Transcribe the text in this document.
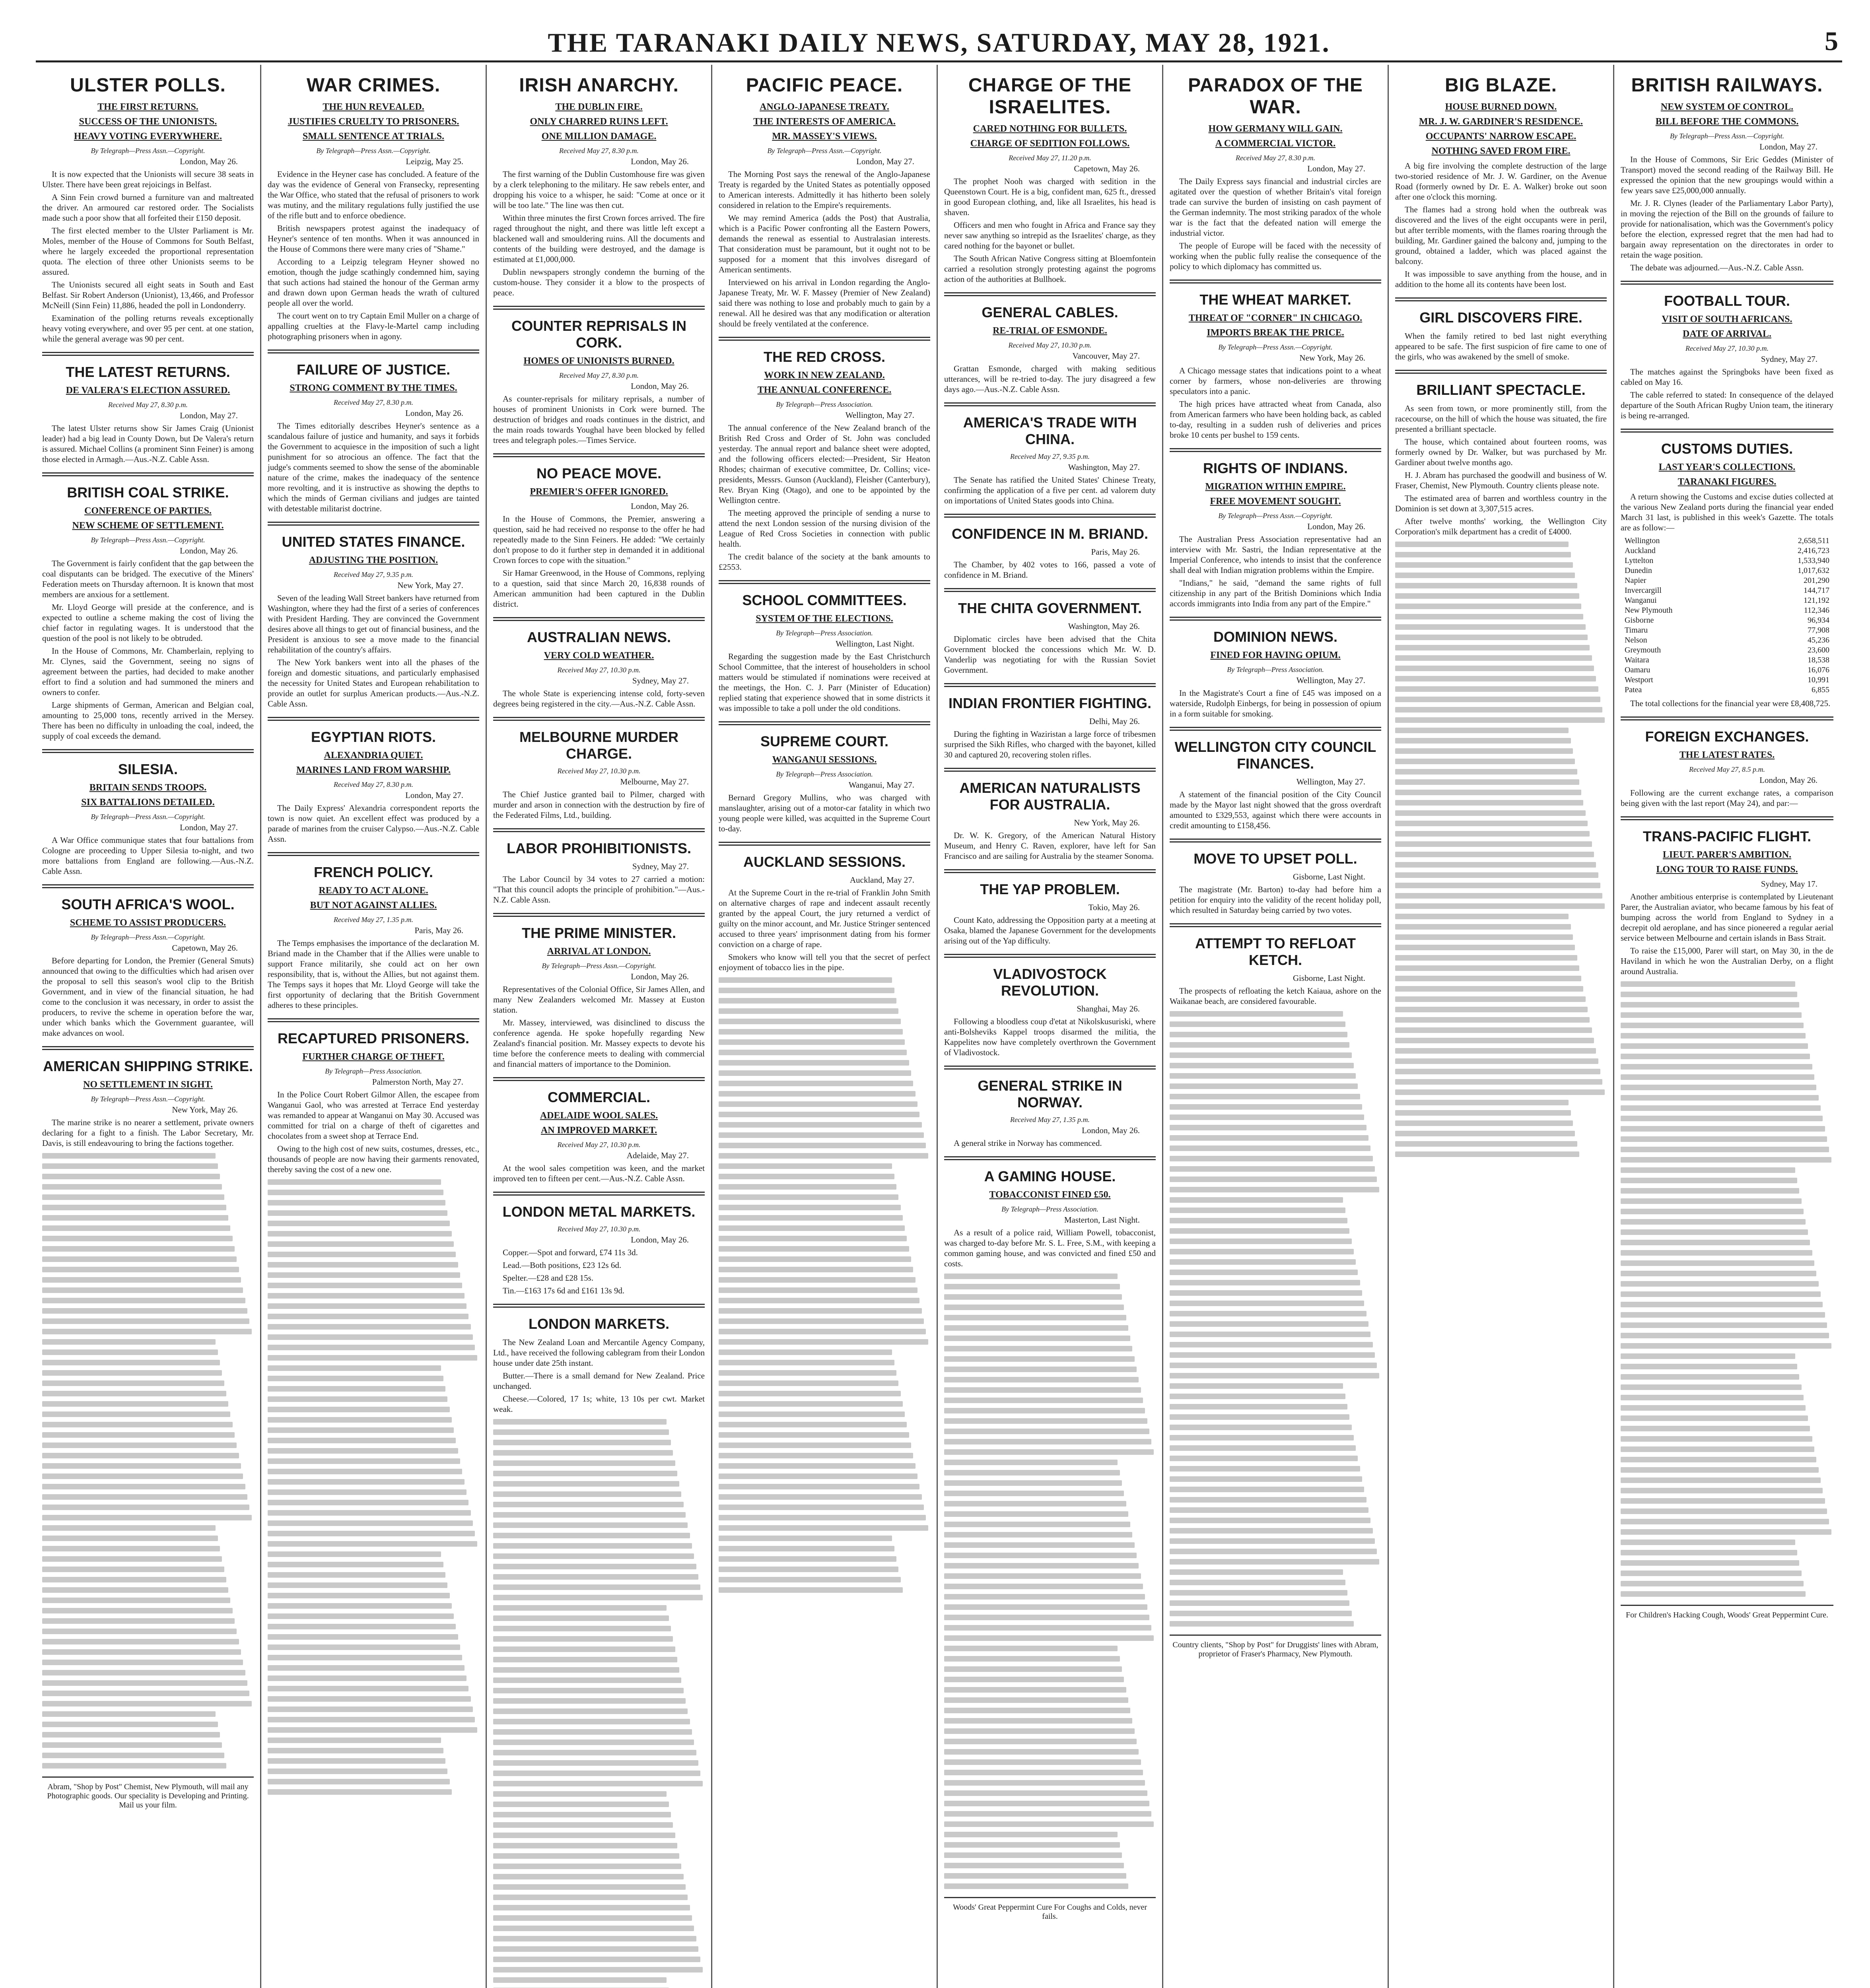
THE TARANAKI DAILY NEWS, SATURDAY, MAY 28, 1921.	5
ULSTER POLLS.
THE FIRST RETURNS.
SUCCESS OF THE UNIONISTS.
HEAVY VOTING EVERYWHERE.
By Telegraph—Press Assn.—Copyright.
London, May 26.

It is now expected that the Unionists will secure 38 seats in Ulster. There have been great rejoicings in Belfast.

A Sinn Fein crowd burned a furniture van and maltreated the driver. An armoured car restored order. The Socialists made such a poor show that all forfeited their £150 deposit.

The first elected member to the Ulster Parliament is Mr. Moles, member of the House of Commons for South Belfast, where he largely exceeded the proportional representation quota. The election of three other Unionists seems to be assured.

The Unionists secured all eight seats in South and East Belfast. Sir Robert Anderson (Unionist), 13,466, and Professor McNeill (Sinn Fein) 11,886, headed the poll in Londonderry.

Examination of the polling returns reveals exceptionally heavy voting everywhere, and over 95 per cent. at one station, while the general average was 90 per cent.

THE LATEST RETURNS.
DE VALERA'S ELECTION ASSURED.
Received May 27, 8.30 p.m.
London, May 27.

The latest Ulster returns show Sir James Craig (Unionist leader) had a big lead in County Down, but De Valera's return is assured. Michael Collins (a prominent Sinn Feiner) is among those elected in Armagh.—Aus.-N.Z. Cable Assn.

BRITISH COAL STRIKE.
CONFERENCE OF PARTIES.
NEW SCHEME OF SETTLEMENT.
By Telegraph—Press Assn.—Copyright.
London, May 26.

The Government is fairly confident that the gap between the coal disputants can be bridged. The executive of the Miners' Federation meets on Thursday afternoon. It is known that most members are anxious for a settlement.

Mr. Lloyd George will preside at the conference, and is expected to outline a scheme making the cost of living the chief factor in regulating wages. It is understood that the question of the pool is not likely to be obtruded.

In the House of Commons, Mr. Chamberlain, replying to Mr. Clynes, said the Government, seeing no signs of agreement between the parties, had decided to make another effort to find a solution and had summoned the miners and owners to confer.

Large shipments of German, American and Belgian coal, amounting to 25,000 tons, recently arrived in the Mersey. There has been no difficulty in unloading the coal, indeed, the supply of coal exceeds the demand.

SILESIA.
BRITAIN SENDS TROOPS.
SIX BATTALIONS DETAILED.
By Telegraph—Press Assn.—Copyright.
London, May 27.

A War Office communique states that four battalions from Cologne are proceeding to Upper Silesia to-night, and two more battalions from England are following.—Aus.-N.Z. Cable Assn.

SOUTH AFRICA'S WOOL.
SCHEME TO ASSIST PRODUCERS.
By Telegraph—Press Assn.—Copyright.
Capetown, May 26.

Before departing for London, the Premier (General Smuts) announced that owing to the difficulties which had arisen over the proposal to sell this season's wool clip to the British Government, and in view of the financial situation, he had come to the conclusion it was necessary, in order to assist the producers, to revive the scheme in operation before the war, under which banks which the Government guarantee, will make advances on wool.

AMERICAN SHIPPING STRIKE.
NO SETTLEMENT IN SIGHT.
By Telegraph—Press Assn.—Copyright.
New York, May 26.

The marine strike is no nearer a settlement, private owners declaring for a fight to a finish. The Labor Secretary, Mr. Davis, is still endeavouring to bring the factions together.

Abram, "Shop by Post" Chemist, New Plymouth, will mail any Photographic goods. Our speciality is Developing and Printing. Mail us your film.
WAR CRIMES.
THE HUN REVEALED.
JUSTIFIES CRUELTY TO PRISONERS.
SMALL SENTENCE AT TRIALS.
By Telegraph—Press Assn.—Copyright.
Leipzig, May 25.

Evidence in the Heyner case has concluded. A feature of the day was the evidence of General von Fransecky, representing the War Office, who stated that the refusal of prisoners to work was mutiny, and the military regulations fully justified the use of the rifle butt and to enforce obedience.

British newspapers protest against the inadequacy of Heyner's sentence of ten months. When it was announced in the House of Commons there were many cries of "Shame."

According to a Leipzig telegram Heyner showed no emotion, though the judge scathingly condemned him, saying that such actions had stained the honour of the German army and drawn down upon German heads the wrath of cultured people all over the world.

The court went on to try Captain Emil Muller on a charge of appalling cruelties at the Flavy-le-Martel camp including photographing prisoners when in agony.

FAILURE OF JUSTICE.
STRONG COMMENT BY THE TIMES.
Received May 27, 8.30 p.m.
London, May 26.

The Times editorially describes Heyner's sentence as a scandalous failure of justice and humanity, and says it forbids the Government to acquiesce in the imposition of such a light punishment for so atrocious an offence. The fact that the judge's comments seemed to show the sense of the abominable nature of the crime, makes the inadequacy of the sentence more revolting, and it is instructive as showing the depths to which the minds of German civilians and judges are tainted with detestable militarist doctrine.

UNITED STATES FINANCE.
ADJUSTING THE POSITION.
Received May 27, 9.35 p.m.
New York, May 27.

Seven of the leading Wall Street bankers have returned from Washington, where they had the first of a series of conferences with President Harding. They are convinced the Government desires above all things to get out of financial business, and the President is anxious to see a move made to the financial rehabilitation of the country's affairs.

The New York bankers went into all the phases of the foreign and domestic situations, and particularly emphasised the necessity for United States and European rehabilitation to provide an outlet for surplus American products.—Aus.-N.Z. Cable Assn.

EGYPTIAN RIOTS.
ALEXANDRIA QUIET.
MARINES LAND FROM WARSHIP.
Received May 27, 8.30 p.m.
London, May 27.

The Daily Express' Alexandria correspondent reports the town is now quiet. An excellent effect was produced by a parade of marines from the cruiser Calypso.—Aus.-N.Z. Cable Assn.

FRENCH POLICY.
READY TO ACT ALONE.
BUT NOT AGAINST ALLIES.
Received May 27, 1.35 p.m.
Paris, May 26.

The Temps emphasises the importance of the declaration M. Briand made in the Chamber that if the Allies were unable to support France militarily, she could act on her own responsibility, that is, without the Allies, but not against them. The Temps says it hopes that Mr. Lloyd George will take the first opportunity of declaring that the British Government adheres to these principles.

RECAPTURED PRISONERS.
FURTHER CHARGE OF THEFT.
By Telegraph—Press Association.
Palmerston North, May 27.

In the Police Court Robert Gilmor Allen, the escapee from Wanganui Gaol, who was arrested at Terrace End yesterday was remanded to appear at Wanganui on May 30. Accused was committed for trial on a charge of theft of cigarettes and chocolates from a sweet shop at Terrace End.

Owing to the high cost of new suits, costumes, dresses, etc., thousands of people are now having their garments renovated, thereby saving the cost of a new one.

IRISH ANARCHY.
THE DUBLIN FIRE.
ONLY CHARRED RUINS LEFT.
ONE MILLION DAMAGE.
Received May 27, 8.30 p.m.
London, May 26.

The first warning of the Dublin Customhouse fire was given by a clerk telephoning to the military. He saw rebels enter, and dropping his voice to a whisper, he said: "Come at once or it will be too late." The line was then cut.

Within three minutes the first Crown forces arrived. The fire raged throughout the night, and there was little left except a blackened wall and smouldering ruins. All the documents and contents of the building were destroyed, and the damage is estimated at £1,000,000.

Dublin newspapers strongly condemn the burning of the custom-house. They consider it a blow to the prospects of peace.

COUNTER REPRISALS IN CORK.
HOMES OF UNIONISTS BURNED.
Received May 27, 8.30 p.m.
London, May 26.

As counter-reprisals for military reprisals, a number of houses of prominent Unionists in Cork were burned. The destruction of bridges and roads continues in the district, and the main roads towards Youghal have been blocked by felled trees and telegraph poles.—Times Service.

NO PEACE MOVE.
PREMIER'S OFFER IGNORED.
London, May 26.

In the House of Commons, the Premier, answering a question, said he had received no response to the offer he had repeatedly made to the Sinn Feiners. He added: "We certainly don't propose to do it further step in demanded it in additional Crown forces to cope with the situation."

Sir Hamar Greenwood, in the House of Commons, replying to a question, said that since March 20, 16,838 rounds of American ammunition had been captured in the Dublin district.

AUSTRALIAN NEWS.
VERY COLD WEATHER.
Received May 27, 10.30 p.m.
Sydney, May 27.

The whole State is experiencing intense cold, forty-seven degrees being registered in the city.—Aus.-N.Z. Cable Assn.

MELBOURNE MURDER CHARGE.
Received May 27, 10.30 p.m.
Melbourne, May 27.

The Chief Justice granted bail to Pilmer, charged with murder and arson in connection with the destruction by fire of the Federated Films, Ltd., building.

LABOR PROHIBITIONISTS.
Sydney, May 27.

The Labor Council by 34 votes to 27 carried a motion: "That this council adopts the principle of prohibition."—Aus.-N.Z. Cable Assn.

THE PRIME MINISTER.
ARRIVAL AT LONDON.
By Telegraph—Press Assn.—Copyright.
London, May 26.

Representatives of the Colonial Office, Sir James Allen, and many New Zealanders welcomed Mr. Massey at Euston station.

Mr. Massey, interviewed, was disinclined to discuss the conference agenda. He spoke hopefully regarding New Zealand's financial position. Mr. Massey expects to devote his time before the conference meets to dealing with commercial and financial matters of importance to the Dominion.

COMMERCIAL.
ADELAIDE WOOL SALES.
AN IMPROVED MARKET.
Received May 27, 10.30 p.m.
Adelaide, May 27.

At the wool sales competition was keen, and the market improved ten to fifteen per cent.—Aus.-N.Z. Cable Assn.

LONDON METAL MARKETS.
Received May 27, 10.30 p.m.
London, May 26.

Copper.—Spot and forward, £74 11s 3d.

Lead.—Both positions, £23 12s 6d.

Spelter.—£28 and £28 15s.

Tin.—£163 17s 6d and £161 13s 9d.

LONDON MARKETS.

The New Zealand Loan and Mercantile Agency Company, Ltd., have received the following cablegram from their London house under date 25th instant.

Butter.—There is a small demand for New Zealand. Price unchanged.

Cheese.—Colored, 17 1s; white, 13 10s per cwt. Market weak.

PACIFIC PEACE.
ANGLO-JAPANESE TREATY.
THE INTERESTS OF AMERICA.
MR. MASSEY'S VIEWS.
By Telegraph—Press Assn.—Copyright.
London, May 27.

The Morning Post says the renewal of the Anglo-Japanese Treaty is regarded by the United States as potentially opposed to American interests. Admittedly it has hitherto been solely considered in relation to the Empire's requirements.

We may remind America (adds the Post) that Australia, which is a Pacific Power confronting all the Eastern Powers, demands the renewal as essential to Australasian interests. That consideration must be paramount, but it ought not to be supposed for a moment that this involves disregard of American sentiments.

Interviewed on his arrival in London regarding the Anglo-Japanese Treaty, Mr. W. F. Massey (Premier of New Zealand) said there was nothing to lose and probably much to gain by a renewal. All he desired was that any modification or alteration should be freely ventilated at the conference.

THE RED CROSS.
WORK IN NEW ZEALAND.
THE ANNUAL CONFERENCE.
By Telegraph—Press Association.
Wellington, May 27.

The annual conference of the New Zealand branch of the British Red Cross and Order of St. John was concluded yesterday. The annual report and balance sheet were adopted, and the following officers elected:—President, Sir Heaton Rhodes; chairman of executive committee, Dr. Collins; vice-presidents, Messrs. Gunson (Auckland), Fleisher (Canterbury), Rev. Bryan King (Otago), and one to be appointed by the Wellington centre.

The meeting approved the principle of sending a nurse to attend the next London session of the nursing division of the League of Red Cross Societies in connection with public health.

The credit balance of the society at the bank amounts to £2553.

SCHOOL COMMITTEES.
SYSTEM OF THE ELECTIONS.
By Telegraph—Press Association.
Wellington, Last Night.

Regarding the suggestion made by the East Christchurch School Committee, that the interest of householders in school matters would be stimulated if nominations were received at the meetings, the Hon. C. J. Parr (Minister of Education) replied stating that experience showed that in some districts it was impossible to take a poll under the old conditions.

SUPREME COURT.
WANGANUI SESSIONS.
By Telegraph—Press Association.
Wanganui, May 27.

Bernard Gregory Mullins, who was charged with manslaughter, arising out of a motor-car fatality in which two young people were killed, was acquitted in the Supreme Court to-day.

AUCKLAND SESSIONS.
Auckland, May 27.

At the Supreme Court in the re-trial of Franklin John Smith on alternative charges of rape and indecent assault recently granted by the appeal Court, the jury returned a verdict of guilty on the minor account, and Mr. Justice Stringer sentenced accused to three years' imprisonment dating from his former conviction on a charge of rape.

Smokers who know will tell you that the secret of perfect enjoyment of tobacco lies in the pipe.

CHARGE OF THE ISRAELITES.
CARED NOTHING FOR BULLETS.
CHARGE OF SEDITION FOLLOWS.
Received May 27, 11.20 p.m.
Capetown, May 26.

The prophet Nooh was charged with sedition in the Queenstown Court. He is a big, confident man, 625 ft., dressed in good European clothing, and, like all Israelites, his head is shaven.

Officers and men who fought in Africa and France say they never saw anything so intrepid as the Israelites' charge, as they cared nothing for the bayonet or bullet.

The South African Native Congress sitting at Bloemfontein carried a resolution strongly protesting against the pogroms action of the authorities at Bullhoek.

GENERAL CABLES.
RE-TRIAL OF ESMONDE.
Received May 27, 10.30 p.m.
Vancouver, May 27.

Grattan Esmonde, charged with making seditious utterances, will be re-tried to-day. The jury disagreed a few days ago.—Aus.-N.Z. Cable Assn.

AMERICA'S TRADE WITH CHINA.
Received May 27, 9.35 p.m.
Washington, May 27.

The Senate has ratified the United States' Chinese Treaty, confirming the application of a five per cent. ad valorem duty on importations of United States goods into China.

CONFIDENCE IN M. BRIAND.
Paris, May 26.

The Chamber, by 402 votes to 166, passed a vote of confidence in M. Briand.

THE CHITA GOVERNMENT.
Washington, May 26.

Diplomatic circles have been advised that the Chita Government blocked the concessions which Mr. W. D. Vanderlip was negotiating for with the Russian Soviet Government.

INDIAN FRONTIER FIGHTING.
Delhi, May 26.

During the fighting in Waziristan a large force of tribesmen surprised the Sikh Rifles, who charged with the bayonet, killed 30 and captured 20, recovering stolen rifles.

AMERICAN NATURALISTS FOR AUSTRALIA.
New York, May 26.

Dr. W. K. Gregory, of the American Natural History Museum, and Henry C. Raven, explorer, have left for San Francisco and are sailing for Australia by the steamer Sonoma.

THE YAP PROBLEM.
Tokio, May 26.

Count Kato, addressing the Opposition party at a meeting at Osaka, blamed the Japanese Government for the developments arising out of the Yap difficulty.

VLADIVOSTOCK REVOLUTION.
Shanghai, May 26.

Following a bloodless coup d'etat at Nikolskusuriski, where anti-Bolsheviks Kappel troops disarmed the militia, the Kappelites now have completely overthrown the Government of Vladivostock.

GENERAL STRIKE IN NORWAY.
Received May 27, 1.35 p.m.
London, May 26.

A general strike in Norway has commenced.

A GAMING HOUSE.
TOBACCONIST FINED £50.
By Telegraph—Press Association.
Masterton, Last Night.

As a result of a police raid, William Powell, tobacconist, was charged to-day before Mr. S. L. Free, S.M., with keeping a common gaming house, and was convicted and fined £50 and costs.

Woods' Great Peppermint Cure For Coughs and Colds, never fails.
PARADOX OF THE WAR.
HOW GERMANY WILL GAIN.
A COMMERCIAL VICTOR.
Received May 27, 8.30 p.m.
London, May 27.

The Daily Express says financial and industrial circles are agitated over the question of whether Britain's vital foreign trade can survive the burden of insisting on cash payment of the German indemnity. The most striking paradox of the whole war is the fact that the defeated nation will emerge the industrial victor.

The people of Europe will be faced with the necessity of working when the public fully realise the consequence of the policy to which diplomacy has committed us.

THE WHEAT MARKET.
THREAT OF "CORNER" IN CHICAGO.
IMPORTS BREAK THE PRICE.
By Telegraph—Press Assn.—Copyright.
New York, May 26.

A Chicago message states that indications point to a wheat corner by farmers, whose non-deliveries are throwing speculators into a panic.

The high prices have attracted wheat from Canada, also from American farmers who have been holding back, as cabled to-day, resulting in a sudden rush of deliveries and prices broke 10 cents per bushel to 159 cents.

RIGHTS OF INDIANS.
MIGRATION WITHIN EMPIRE.
FREE MOVEMENT SOUGHT.
By Telegraph—Press Assn.—Copyright.
London, May 26.

The Australian Press Association representative had an interview with Mr. Sastri, the Indian representative at the Imperial Conference, who intends to insist that the conference shall deal with Indian migration problems within the Empire.

"Indians," he said, "demand the same rights of full citizenship in any part of the British Dominions which India accords immigrants into India from any part of the Empire."

DOMINION NEWS.
FINED FOR HAVING OPIUM.
By Telegraph—Press Association.
Wellington, May 27.

In the Magistrate's Court a fine of £45 was imposed on a waterside, Rudolph Einbergs, for being in possession of opium in a form suitable for smoking.

WELLINGTON CITY COUNCIL FINANCES.
Wellington, May 27.

A statement of the financial position of the City Council made by the Mayor last night showed that the gross overdraft amounted to £329,553, against which there were accounts in credit amounting to £158,456.

MOVE TO UPSET POLL.
Gisborne, Last Night.

The magistrate (Mr. Barton) to-day had before him a petition for enquiry into the validity of the recent holiday poll, which resulted in Saturday being carried by two votes.

ATTEMPT TO REFLOAT KETCH.
Gisborne, Last Night.

The prospects of refloating the ketch Kaiaua, ashore on the Waikanae beach, are considered favourable.

Country clients, "Shop by Post" for Druggists' lines with Abram, proprietor of Fraser's Pharmacy, New Plymouth.
BIG BLAZE.
HOUSE BURNED DOWN.
MR. J. W. GARDINER'S RESIDENCE.
OCCUPANTS' NARROW ESCAPE.
NOTHING SAVED FROM FIRE.

A big fire involving the complete destruction of the large two-storied residence of Mr. J. W. Gardiner, on the Avenue Road (formerly owned by Dr. E. A. Walker) broke out soon after one o'clock this morning.

The flames had a strong hold when the outbreak was discovered and the lives of the eight occupants were in peril, but after terrible moments, with the flames roaring through the building, Mr. Gardiner gained the balcony and, jumping to the ground, obtained a ladder, which was placed against the balcony.

It was impossible to save anything from the house, and in addition to the home all its contents have been lost.

GIRL DISCOVERS FIRE.

When the family retired to bed last night everything appeared to be safe. The first suspicion of fire came to one of the girls, who was awakened by the smell of smoke.

BRILLIANT SPECTACLE.

As seen from town, or more prominently still, from the racecourse, on the hill of which the house was situated, the fire presented a brilliant spectacle.

The house, which contained about fourteen rooms, was formerly owned by Dr. Walker, but was purchased by Mr. Gardiner about twelve months ago.

H. J. Abram has purchased the goodwill and business of W. Fraser, Chemist, New Plymouth. Country clients please note.

The estimated area of barren and worthless country in the Dominion is set down at 3,307,515 acres.

After twelve months' working, the Wellington City Corporation's milk department has a credit of £4000.

BRITISH RAILWAYS.
NEW SYSTEM OF CONTROL.
BILL BEFORE THE COMMONS.
By Telegraph—Press Assn.—Copyright.
London, May 27.

In the House of Commons, Sir Eric Geddes (Minister of Transport) moved the second reading of the Railway Bill. He expressed the opinion that the new groupings would within a few years save £25,000,000 annually.

Mr. J. R. Clynes (leader of the Parliamentary Labor Party), in moving the rejection of the Bill on the grounds of failure to provide for nationalisation, which was the Government's policy before the election, expressed regret that the men had had to bargain away representation on the directorates in order to retain the wage position.

The debate was adjourned.—Aus.-N.Z. Cable Assn.

FOOTBALL TOUR.
VISIT OF SOUTH AFRICANS.
DATE OF ARRIVAL.
Received May 27, 10.30 p.m.
Sydney, May 27.

The matches against the Springboks have been fixed as cabled on May 16.

The cable referred to stated: In consequence of the delayed departure of the South African Rugby Union team, the itinerary is being re-arranged.

CUSTOMS DUTIES.
LAST YEAR'S COLLECTIONS.
TARANAKI FIGURES.

A return showing the Customs and excise duties collected at the various New Zealand ports during the financial year ended March 31 last, is published in this week's Gazette. The totals are as follow:—

Wellington	2,658,511
Auckland	2,416,723
Lyttelton	1,533,940
Dunedin	1,017,632
Napier	201,290
Invercargill	144,717
Wanganui	121,192
New Plymouth	112,346
Gisborne	96,934
Timaru	77,908
Nelson	45,236
Greymouth	23,600
Waitara	18,538
Oamaru	16,076
Westport	10,991
Patea	6,855

The total collections for the financial year were £8,408,725.

FOREIGN EXCHANGES.
THE LATEST RATES.
Received May 27, 8.5 p.m.
London, May 26.

Following are the current exchange rates, a comparison being given with the last report (May 24), and par:—

TRANS-PACIFIC FLIGHT.
LIEUT. PARER'S AMBITION.
LONG TOUR TO RAISE FUNDS.
Sydney, May 17.

Another ambitious enterprise is contemplated by Lieutenant Parer, the Australian aviator, who became famous by his feat of bumping across the world from England to Sydney in a decrepit old aeroplane, and has since pioneered a regular aerial service between Melbourne and certain islands in Bass Strait.

To raise the £15,000, Parer will start, on May 30, in the de Haviland in which he won the Australian Derby, on a flight around Australia.

For Children's Hacking Cough, Woods' Great Peppermint Cure.
